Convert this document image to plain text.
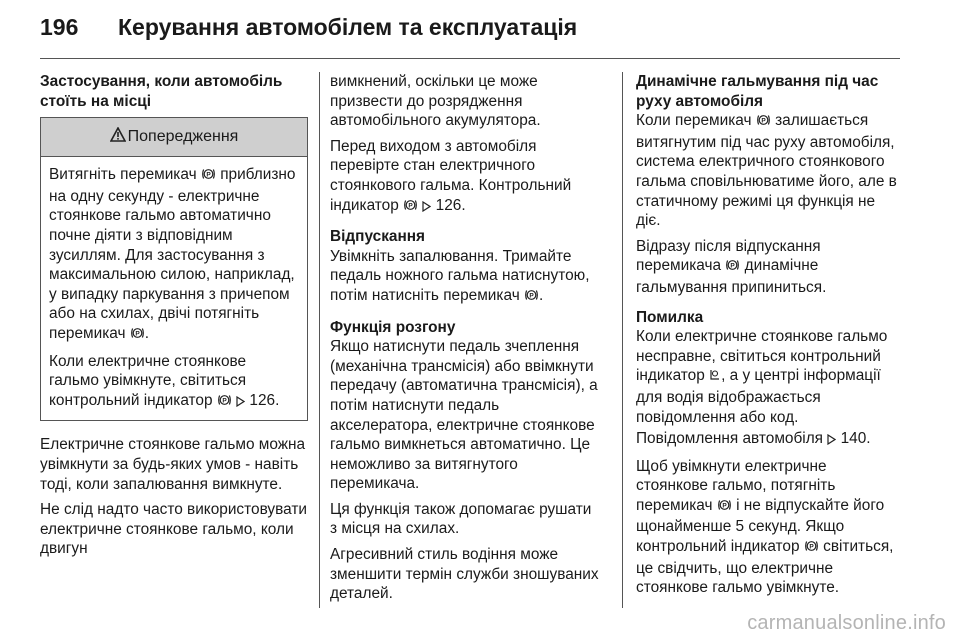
196 Керування автомобілем та експлуатація
Застосування, коли автомобіль стоїть на місці
Попередження

Витягніть перемикач P приблизно на одну секунду - електричне стоянкове гальмо автоматично почне діяти з відповідним зусиллям. Для застосування з максимальною силою, наприклад, у випадку паркування з причепом або на схилах, двічі потягніть перемикач P .

Коли електричне стоянкове гальмо увімкнуте, світиться контрольний індикатор P 126.

Електричне стоянкове гальмо можна увімкнути за будь-яких умов - навіть тоді, коли запалювання вимкнуте.

Не слід надто часто використовувати електричне стоянкове гальмо, коли двигун

вимкнений, оскільки це може призвести до розрядження автомобільного акумулятора.

Перед виходом з автомобіля перевірте стан електричного стоянкового гальма. Контрольний індикатор P 126.

Відпускання

Увімкніть запалювання. Тримайте педаль ножного гальма натиснутою, потім натисніть перемикач P .

Функція розгону

Якщо натиснути педаль зчеплення (механічна трансмісія) або ввімкнути передачу (автоматична трансмісія), а потім натиснути педаль акселератора, електричне стоянкове гальмо вимкнеться автоматично. Це неможливо за витягнутого перемикача.

Ця функція також допомагає рушати з місця на схилах.

Агресивний стиль водіння може зменшити термін служби зношуваних деталей.

Динамічне гальмування під час руху автомобіля

Коли перемикач P залишається витягнутим під час руху автомобіля, система електричного стоянкового гальма сповільнюватиме його, але в статичному режимі ця функція не діє.

Відразу після відпускання перемикача P динамічне гальмування припиниться.

Помилка

Коли електричне стоянкове гальмо несправне, світиться контрольний індикатор , а у центрі інформації для водія відображається повідомлення або код.

Повідомлення автомобіля 140.

Щоб увімкнути електричне стоянкове гальмо, потягніть перемикач P і не відпускайте його щонайменше 5 секунд. Якщо контрольний індикатор P світиться, це свідчить, що електричне стоянкове гальмо увімкнуте.

carmanualsonline.info
